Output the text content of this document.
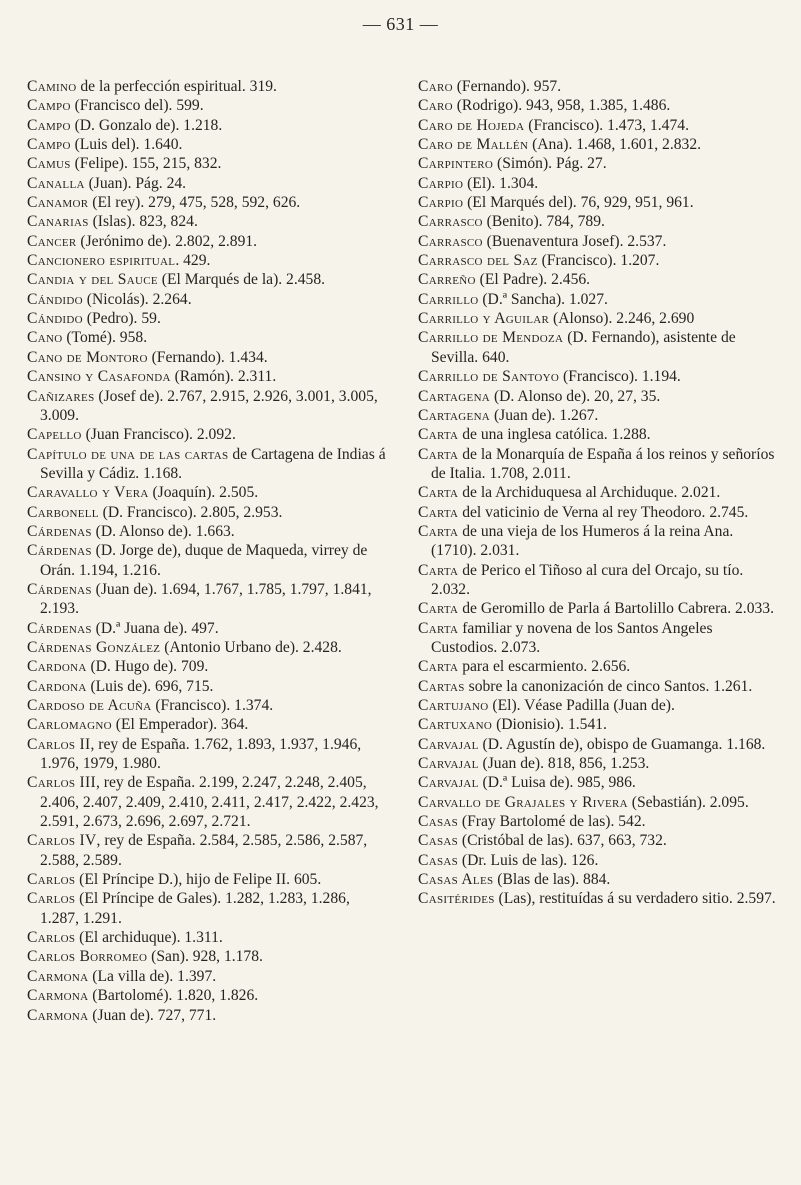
— 631 —

Camino de la perfección espiritual. 319.

Campo (Francisco del). 599.

Campo (D. Gonzalo de). 1.218.

Campo (Luis del). 1.640.

Camus (Felipe). 155, 215, 832.

Canalla (Juan). Pág. 24.

Canamor (El rey). 279, 475, 528, 592, 626.

Canarias (Islas). 823, 824.

Cancer (Jerónimo de). 2.802, 2.891.

Cancionero espiritual. 429.

Candia y del Sauce (El Marqués de la). 2.458.

Cándido (Nicolás). 2.264.

Cándido (Pedro). 59.

Cano (Tomé). 958.

Cano de Montoro (Fernando). 1.434.

Cansino y Casafonda (Ramón). 2.311.

Cañizares (Josef de). 2.767, 2.915, 2.926, 3.001, 3.005, 3.009.

Capello (Juan Francisco). 2.092.

Capítulo de una de las cartas de Cartagena de Indias á Sevilla y Cádiz. 1.168.

Caravallo y Vera (Joaquín). 2.505.

Carbonell (D. Francisco). 2.805, 2.953.

Cárdenas (D. Alonso de). 1.663.

Cárdenas (D. Jorge de), duque de Maqueda, virrey de Orán. 1.194, 1.216.

Cárdenas (Juan de). 1.694, 1.767, 1.785, 1.797, 1.841, 2.193.

Cárdenas (D.ª Juana de). 497.

Cárdenas González (Antonio Urbano de). 2.428.

Cardona (D. Hugo de). 709.

Cardona (Luis de). 696, 715.

Cardoso de Acuña (Francisco). 1.374.

Carlomagno (El Emperador). 364.

Carlos II, rey de España. 1.762, 1.893, 1.937, 1.946, 1.976, 1979, 1.980.

Carlos III, rey de España. 2.199, 2.247, 2.248, 2.405, 2.406, 2.407, 2.409, 2.410, 2.411, 2.417, 2.422, 2.423, 2.591, 2.673, 2.696, 2.697, 2.721.

Carlos IV, rey de España. 2.584, 2.585, 2.586, 2.587, 2.588, 2.589.

Carlos (El Príncipe D.), hijo de Felipe II. 605.

Carlos (El Príncipe de Gales). 1.282, 1.283, 1.286, 1.287, 1.291.

Carlos (El archiduque). 1.311.

Carlos Borromeo (San). 928, 1.178.

Carmona (La villa de). 1.397.

Carmona (Bartolomé). 1.820, 1.826.

Carmona (Juan de). 727, 771.

Caro (Fernando). 957.

Caro (Rodrigo). 943, 958, 1.385, 1.486.

Caro de Hojeda (Francisco). 1.473, 1.474.

Caro de Mallén (Ana). 1.468, 1.601, 2.832.

Carpintero (Simón). Pág. 27.

Carpio (El). 1.304.

Carpio (El Marqués del). 76, 929, 951, 961.

Carrasco (Benito). 784, 789.

Carrasco (Buenaventura Josef). 2.537.

Carrasco del Saz (Francisco). 1.207.

Carreño (El Padre). 2.456.

Carrillo (D.ª Sancha). 1.027.

Carrillo y Aguilar (Alonso). 2.246, 2.690

Carrillo de Mendoza (D. Fernando), asistente de Sevilla. 640.

Carrillo de Santoyo (Francisco). 1.194.

Cartagena (D. Alonso de). 20, 27, 35.

Cartagena (Juan de). 1.267.

Carta de una inglesa católica. 1.288.

Carta de la Monarquía de España á los reinos y señoríos de Italia. 1.708, 2.011.

Carta de la Archiduquesa al Archiduque. 2.021.

Carta del vaticinio de Verna al rey Theodoro. 2.745.

Carta de una vieja de los Humeros á la reina Ana. (1710). 2.031.

Carta de Perico el Tiñoso al cura del Orcajo, su tío. 2.032.

Carta de Geromillo de Parla á Bartolillo Cabrera. 2.033.

Carta familiar y novena de los Santos Angeles Custodios. 2.073.

Carta para el escarmiento. 2.656.

Cartas sobre la canonización de cinco Santos. 1.261.

Cartujano (El). Véase Padilla (Juan de).

Cartuxano (Dionisio). 1.541.

Carvajal (D. Agustín de), obispo de Guamanga. 1.168.

Carvajal (Juan de). 818, 856, 1.253.

Carvajal (D.ª Luisa de). 985, 986.

Carvallo de Grajales y Rivera (Sebastián). 2.095.

Casas (Fray Bartolomé de las). 542.

Casas (Cristóbal de las). 637, 663, 732.

Casas (Dr. Luis de las). 126.

Casas Ales (Blas de las). 884.

Casitérides (Las), restituídas á su verdadero sitio. 2.597.
